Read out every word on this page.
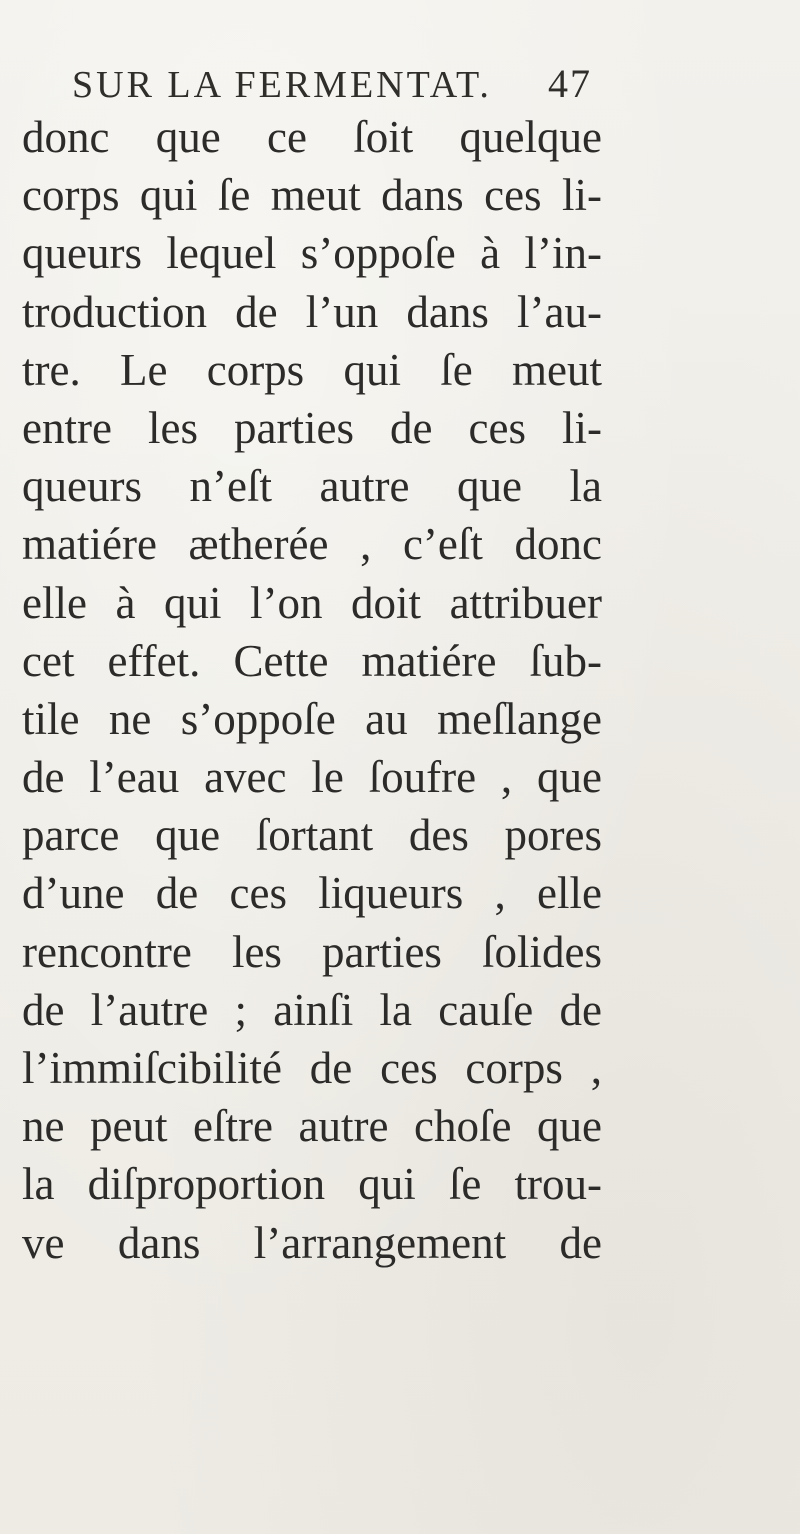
SUR LA FERMENTAT. 47
donc que ce ſoit quelque
corps qui ſe meut dans ces li-
queurs lequel s’oppoſe à l’in-
troduction de l’un dans l’au-
tre. Le corps qui ſe meut
entre les parties de ces li-
queurs n’eſt autre que la
matiére ætherée , c’eſt donc
elle à qui l’on doit attribuer
cet effet. Cette matiére ſub-
tile ne s’oppoſe au meſlange
de l’eau avec le ſoufre , que
parce que ſortant des pores
d’une de ces liqueurs , elle
rencontre les parties ſolides
de l’autre ; ainſi la cauſe de
l’immiſcibilité de ces corps ,
ne peut eſtre autre choſe que
la diſproportion qui ſe trou-
ve dans l’arrangement de
